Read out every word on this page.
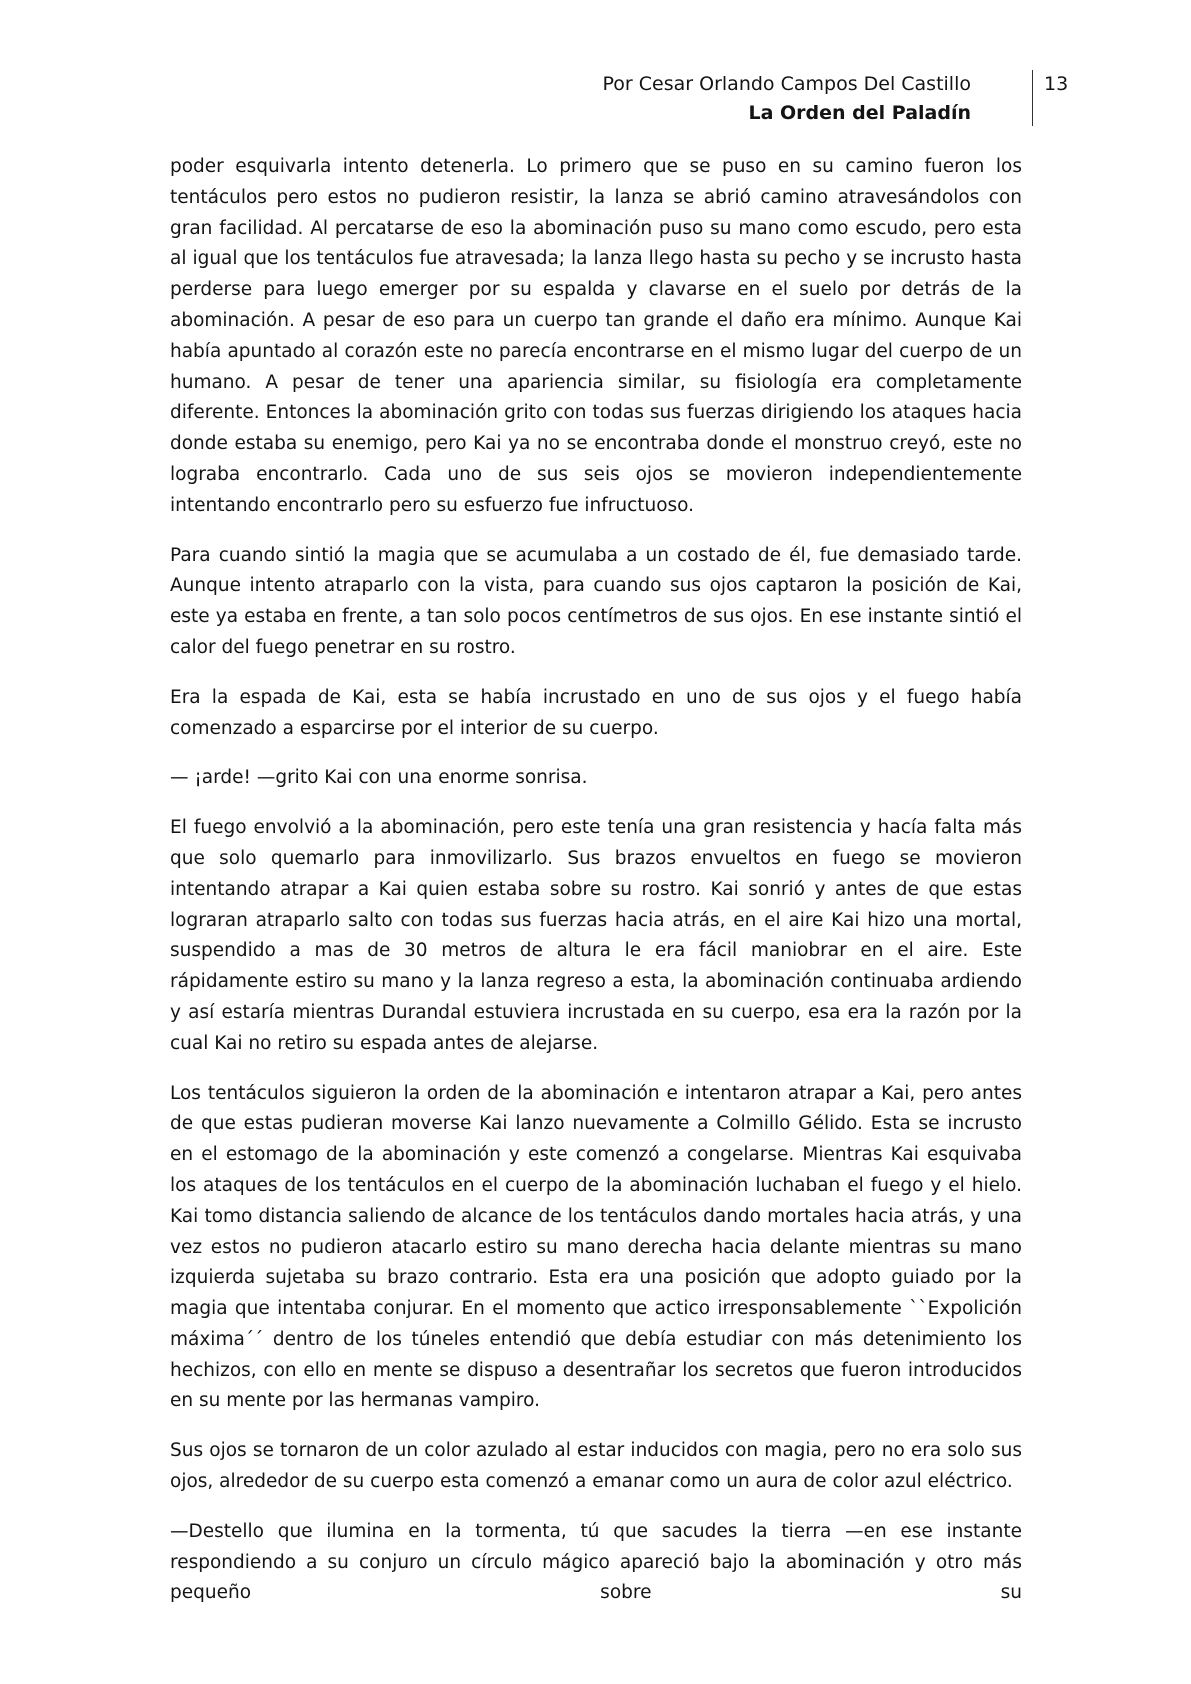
Por Cesar Orlando Campos Del Castillo
La Orden del Paladín
13

poder esquivarla intento detenerla. Lo primero que se puso en su camino fueron los tentáculos pero estos no pudieron resistir, la lanza se abrió camino atravesándolos con gran facilidad. Al percatarse de eso la abominación puso su mano como escudo, pero esta al igual que los tentáculos fue atravesada; la lanza llego hasta su pecho y se incrusto hasta perderse para luego emerger por su espalda y clavarse en el suelo por detrás de la abominación. A pesar de eso para un cuerpo tan grande el daño era mínimo. Aunque Kai había apuntado al corazón este no parecía encontrarse en el mismo lugar del cuerpo de un humano. A pesar de tener una apariencia similar, su fisiología era completamente diferente. Entonces la abominación grito con todas sus fuerzas dirigiendo los ataques hacia donde estaba su enemigo, pero Kai ya no se encontraba donde el monstruo creyó, este no lograba encontrarlo. Cada uno de sus seis ojos se movieron independientemente intentando encontrarlo pero su esfuerzo fue infructuoso.

Para cuando sintió la magia que se acumulaba a un costado de él, fue demasiado tarde. Aunque intento atraparlo con la vista, para cuando sus ojos captaron la posición de Kai, este ya estaba en frente, a tan solo pocos centímetros de sus ojos. En ese instante sintió el calor del fuego penetrar en su rostro.

Era la espada de Kai, esta se había incrustado en uno de sus ojos y el fuego había comenzado a esparcirse por el interior de su cuerpo.

— ¡arde! —grito Kai con una enorme sonrisa.

El fuego envolvió a la abominación, pero este tenía una gran resistencia y hacía falta más que solo quemarlo para inmovilizarlo. Sus brazos envueltos en fuego se movieron intentando atrapar a Kai quien estaba sobre su rostro. Kai sonrió y antes de que estas lograran atraparlo salto con todas sus fuerzas hacia atrás, en el aire Kai hizo una mortal, suspendido a mas de 30 metros de altura le era fácil maniobrar en el aire. Este rápidamente estiro su mano y la lanza regreso a esta, la abominación continuaba ardiendo y así estaría mientras Durandal estuviera incrustada en su cuerpo, esa era la razón por la cual Kai no retiro su espada antes de alejarse.

Los tentáculos siguieron la orden de la abominación e intentaron atrapar a Kai, pero antes de que estas pudieran moverse Kai lanzo nuevamente a Colmillo Gélido. Esta se incrusto en el estomago de la abominación y este comenzó a congelarse. Mientras Kai esquivaba los ataques de los tentáculos en el cuerpo de la abominación luchaban el fuego y el hielo. Kai tomo distancia saliendo de alcance de los tentáculos dando mortales hacia atrás, y una vez estos no pudieron atacarlo estiro su mano derecha hacia delante mientras su mano izquierda sujetaba su brazo contrario. Esta era una posición que adopto guiado por la magia que intentaba conjurar. En el momento que actico irresponsablemente ``Expolición máxima´´ dentro de los túneles entendió que debía estudiar con más detenimiento los hechizos, con ello en mente se dispuso a desentrañar los secretos que fueron introducidos en su mente por las hermanas vampiro.

Sus ojos se tornaron de un color azulado al estar inducidos con magia, pero no era solo sus ojos, alrededor de su cuerpo esta comenzó a emanar como un aura de color azul eléctrico.

—Destello que ilumina en la tormenta, tú que sacudes la tierra —en ese instante respondiendo a su conjuro un círculo mágico apareció bajo la abominación y otro más pequeño sobre su
